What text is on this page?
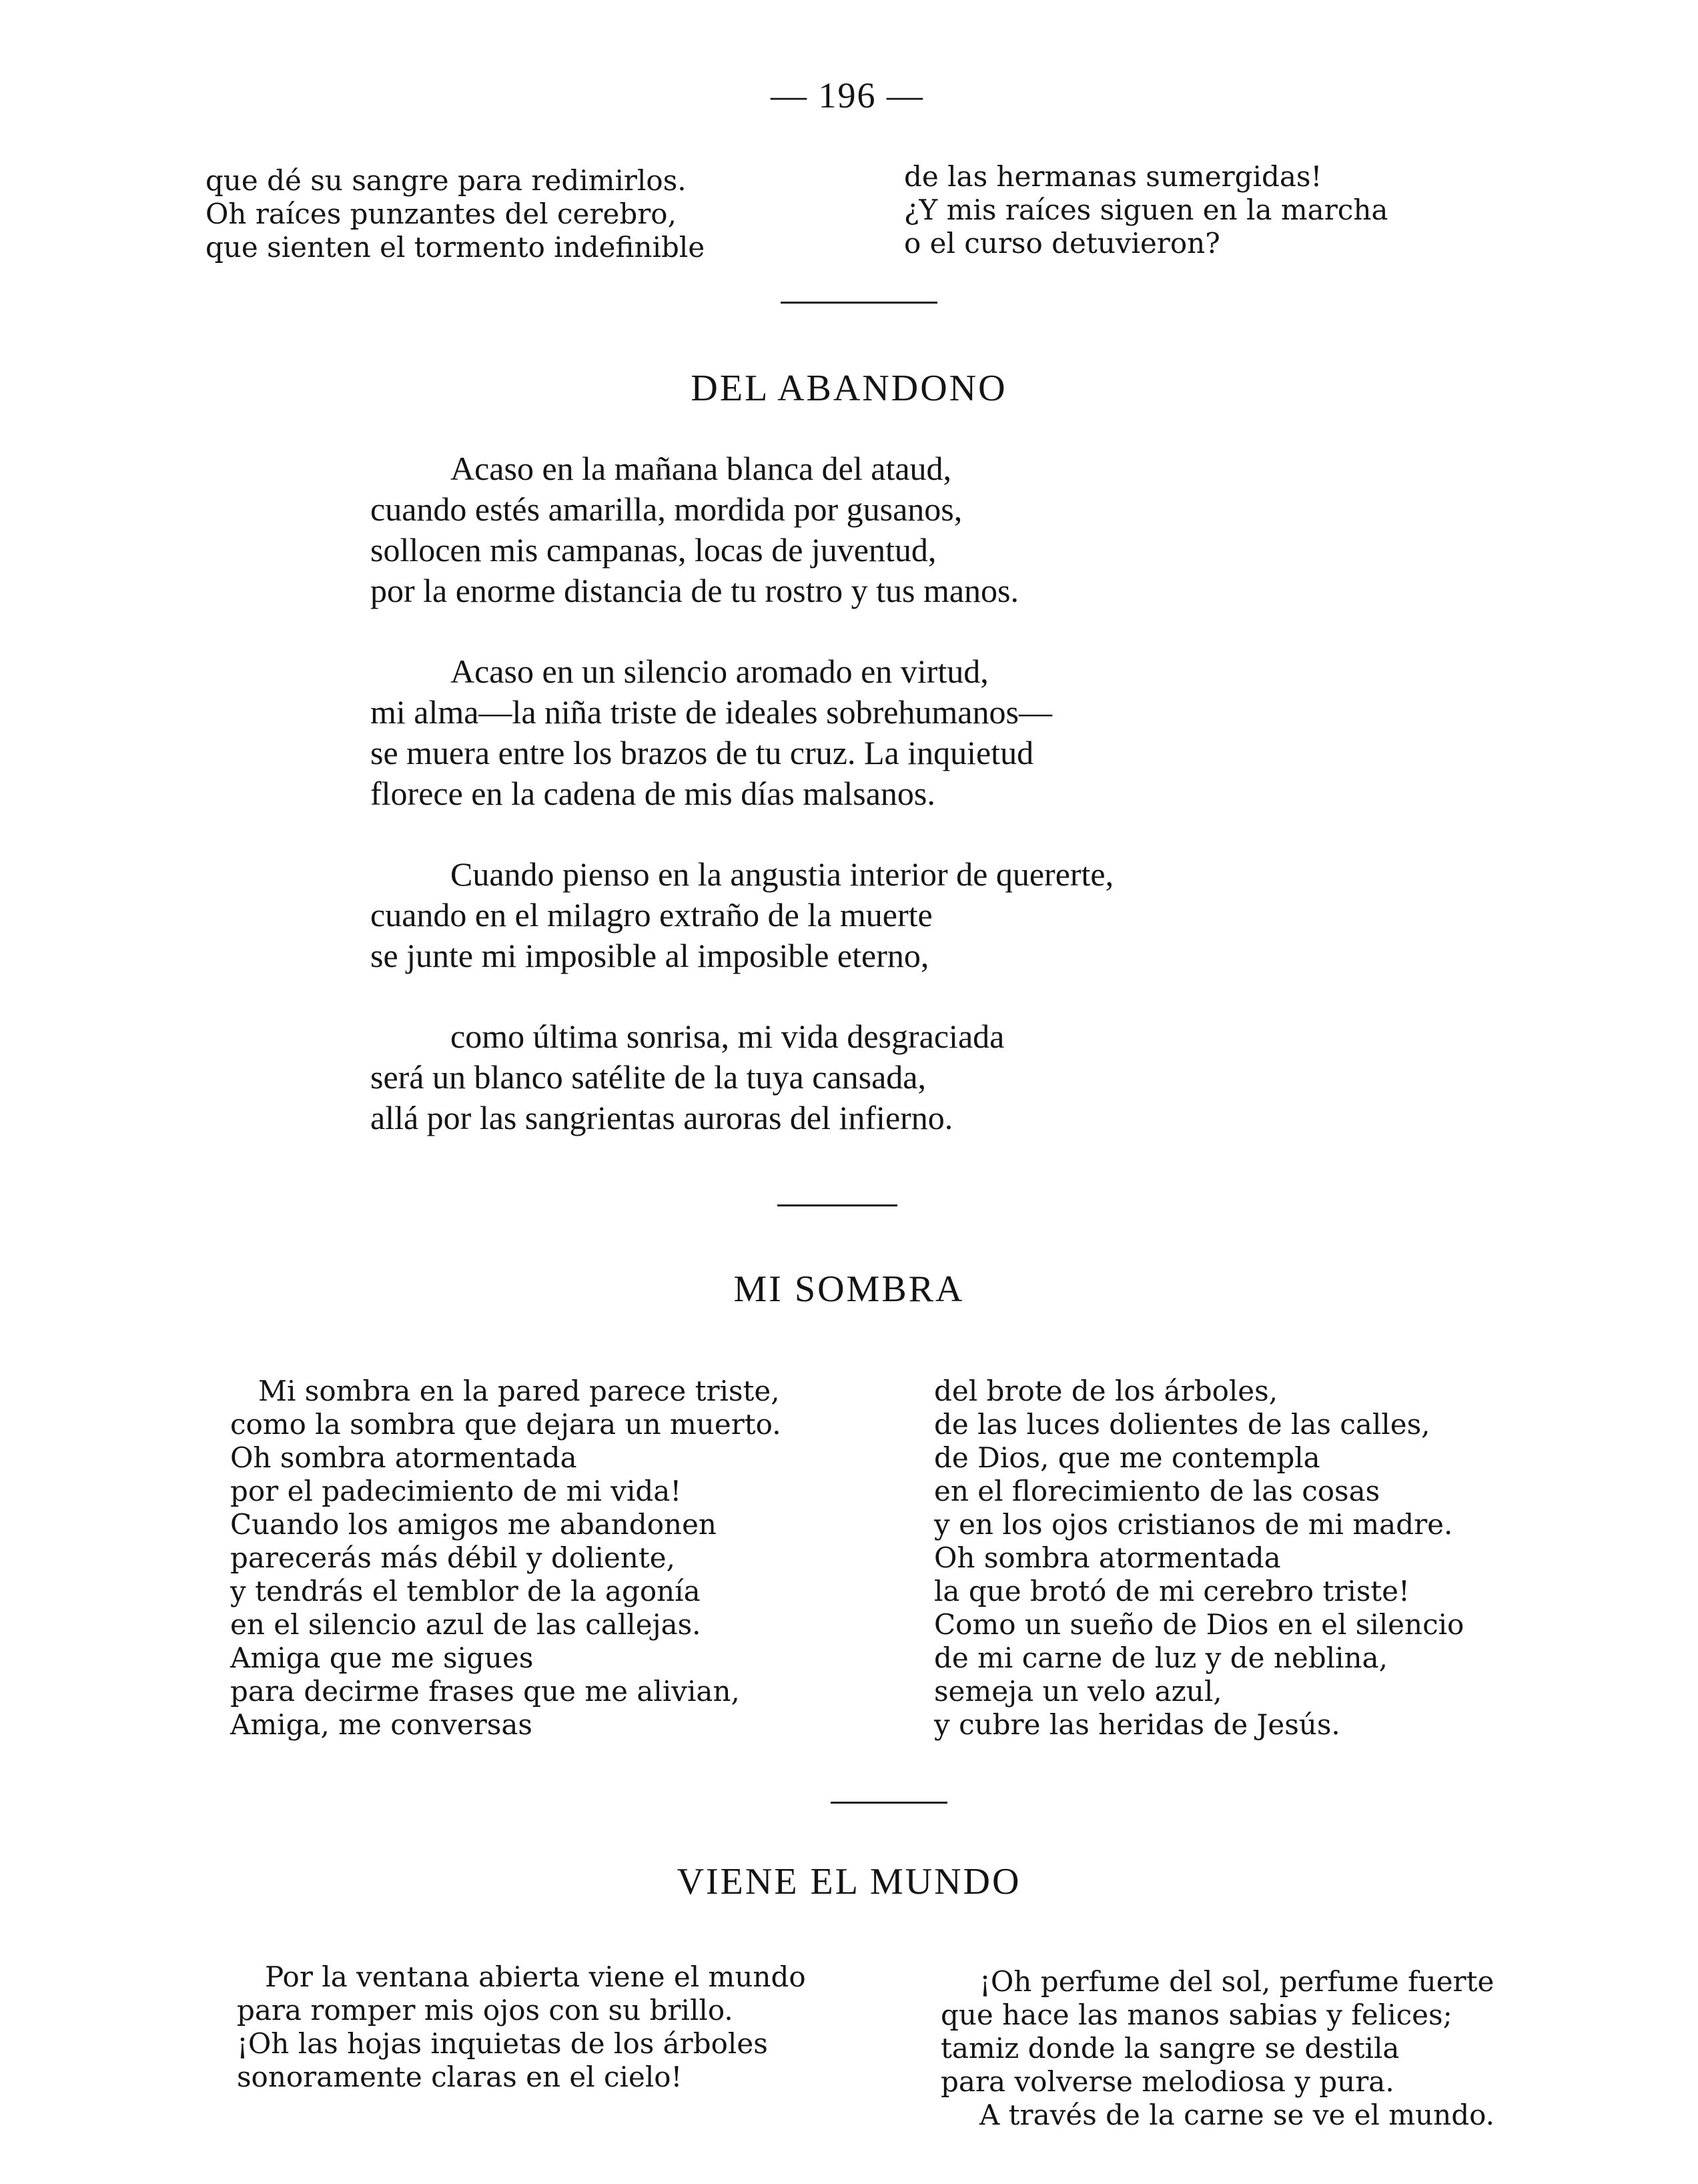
— 196 —
que dé su sangre para redimirlos.
Oh raíces punzantes del cerebro,
que sienten el tormento indefinible
de las hermanas sumergidas!
¿Y mis raíces siguen en la marcha
o el curso detuvieron?
DEL ABANDONO
Acaso en la mañana blanca del ataud,
cuando estés amarilla, mordida por gusanos,
sollocen mis campanas, locas de juventud,
por la enorme distancia de tu rostro y tus manos.
Acaso en un silencio aromado en virtud,
mi alma—la niña triste de ideales sobrehumanos—
se muera entre los brazos de tu cruz. La inquietud
florece en la cadena de mis días malsanos.
Cuando pienso en la angustia interior de quererte,
cuando en el milagro extraño de la muerte
se junte mi imposible al imposible eterno,
como última sonrisa, mi vida desgraciada
será un blanco satélite de la tuya cansada,
allá por las sangrientas auroras del infierno.
MI SOMBRA
Mi sombra en la pared parece triste,
como la sombra que dejara un muerto.
Oh sombra atormentada
por el padecimiento de mi vida!
Cuando los amigos me abandonen
parecerás más débil y doliente,
y tendrás el temblor de la agonía
en el silencio azul de las callejas.
Amiga que me sigues
para decirme frases que me alivian,
Amiga, me conversas
del brote de los árboles,
de las luces dolientes de las calles,
de Dios, que me contempla
en el florecimiento de las cosas
y en los ojos cristianos de mi madre.
Oh sombra atormentada
la que brotó de mi cerebro triste!
Como un sueño de Dios en el silencio
de mi carne de luz y de neblina,
semeja un velo azul,
y cubre las heridas de Jesús.
VIENE EL MUNDO
Por la ventana abierta viene el mundo
para romper mis ojos con su brillo.
¡Oh las hojas inquietas de los árboles
sonoramente claras en el cielo!
¡Oh perfume del sol, perfume fuerte
que hace las manos sabias y felices;
tamiz donde la sangre se destila
para volverse melodiosa y pura.
A través de la carne se ve el mundo.
